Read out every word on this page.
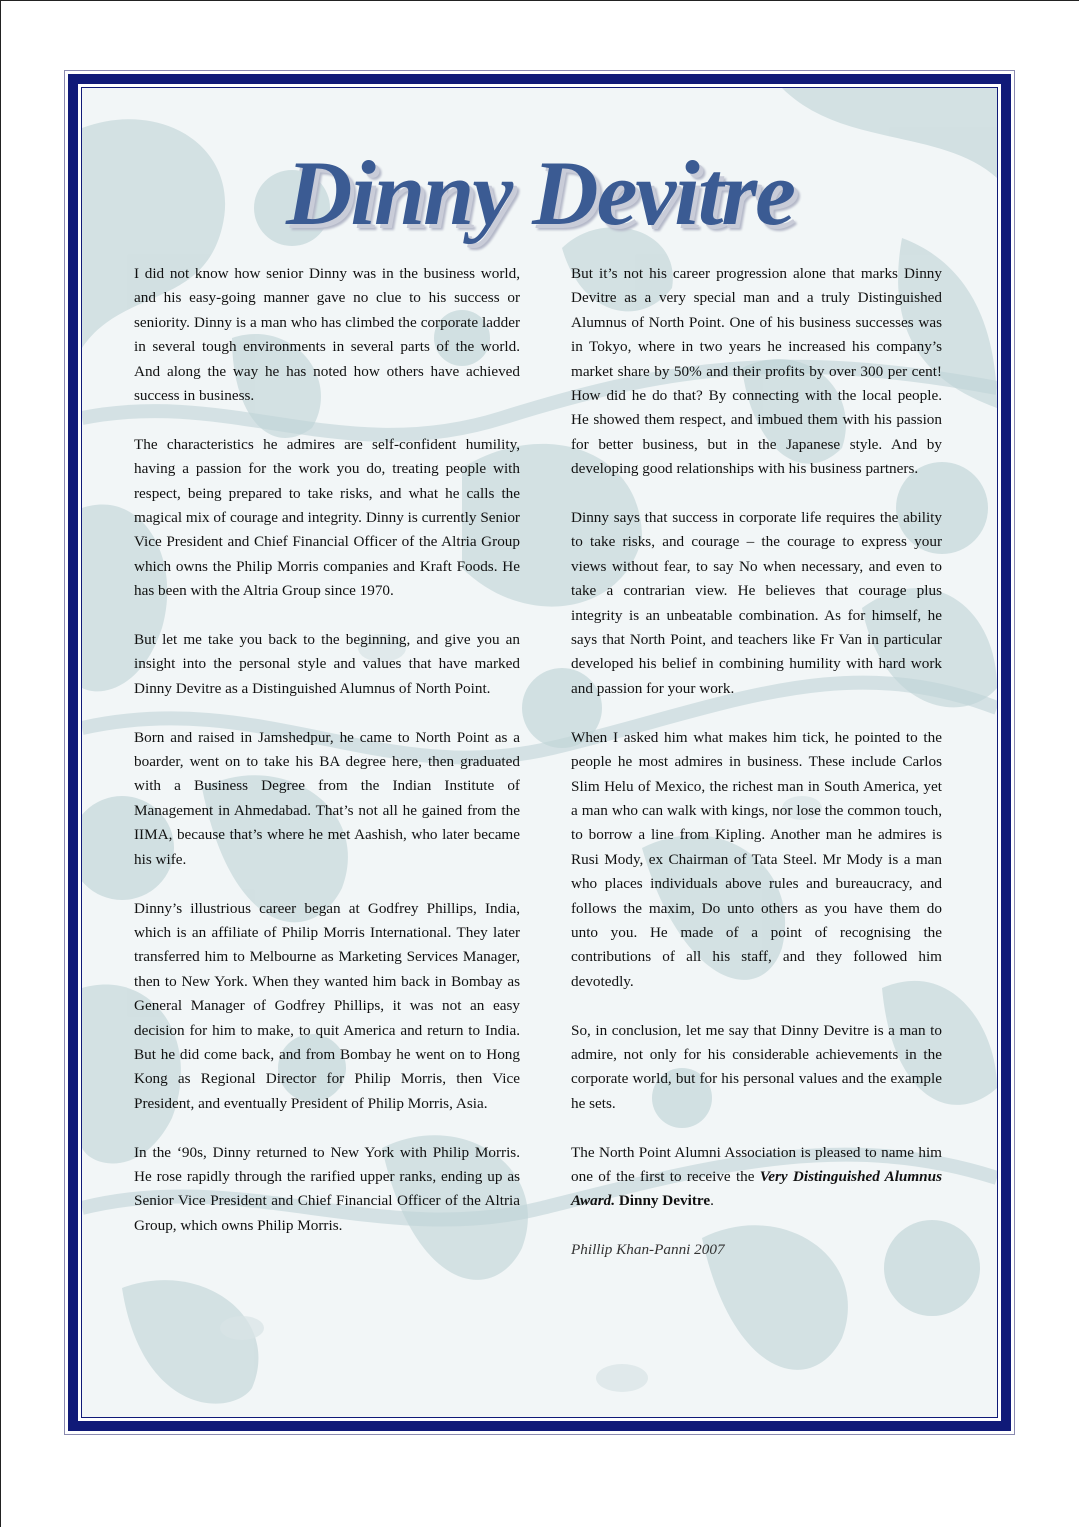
Dinny Devitre

I did not know how senior Dinny was in the business world, and his easy-going manner gave no clue to his success or seniority. Dinny is a man who has climbed the corporate ladder in several tough environments in several parts of the world. And along the way he has noted how others have achieved success in business.

The characteristics he admires are self-confident humility, having a passion for the work you do, treating people with respect, being prepared to take risks, and what he calls the magical mix of courage and integrity. Dinny is currently Senior Vice President and Chief Financial Officer of the Altria Group which owns the Philip Morris companies and Kraft Foods. He has been with the Altria Group since 1970.

But let me take you back to the beginning, and give you an insight into the personal style and values that have marked Dinny Devitre as a Distinguished Alumnus of North Point.

Born and raised in Jamshedpur, he came to North Point as a boarder, went on to take his BA degree here, then graduated with a Business Degree from the Indian Institute of Management in Ahmedabad. That’s not all he gained from the IIMA, because that’s where he met Aashish, who later became his wife.

Dinny’s illustrious career began at Godfrey Phillips, India, which is an affiliate of Philip Morris International. They later transferred him to Melbourne as Marketing Services Manager, then to New York. When they wanted him back in Bombay as General Manager of Godfrey Phillips, it was not an easy decision for him to make, to quit America and return to India. But he did come back, and from Bombay he went on to Hong Kong as Regional Director for Philip Morris, then Vice President, and eventually President of Philip Morris, Asia.

In the ‘90s, Dinny returned to New York with Philip Morris. He rose rapidly through the rarified upper ranks, ending up as Senior Vice President and Chief Financial Officer of the Altria Group, which owns Philip Morris.

But it’s not his career progression alone that marks Dinny Devitre as a very special man and a truly Distinguished Alumnus of North Point. One of his business successes was in Tokyo, where in two years he increased his company’s market share by 50% and their profits by over 300 per cent! How did he do that? By connecting with the local people. He showed them respect, and imbued them with his passion for better business, but in the Japanese style. And by developing good relationships with his business partners.

Dinny says that success in corporate life requires the ability to take risks, and courage – the courage to express your views without fear, to say No when necessary, and even to take a contrarian view. He believes that courage plus integrity is an unbeatable combination. As for himself, he says that North Point, and teachers like Fr Van in particular developed his belief in combining humility with hard work and passion for your work.

When I asked him what makes him tick, he pointed to the people he most admires in business. These include Carlos Slim Helu of Mexico, the richest man in South America, yet a man who can walk with kings, nor lose the common touch, to borrow a line from Kipling. Another man he admires is Rusi Mody, ex Chairman of Tata Steel. Mr Mody is a man who places individuals above rules and bureaucracy, and follows the maxim, Do unto others as you have them do unto you. He made of a point of recognising the contributions of all his staff, and they followed him devotedly.

So, in conclusion, let me say that Dinny Devitre is a man to admire, not only for his considerable achievements in the corporate world, but for his personal values and the example he sets.

The North Point Alumni Association is pleased to name him one of the first to receive the Very Distinguished Alumnus Award. Dinny Devitre.

Phillip Khan-Panni 2007
